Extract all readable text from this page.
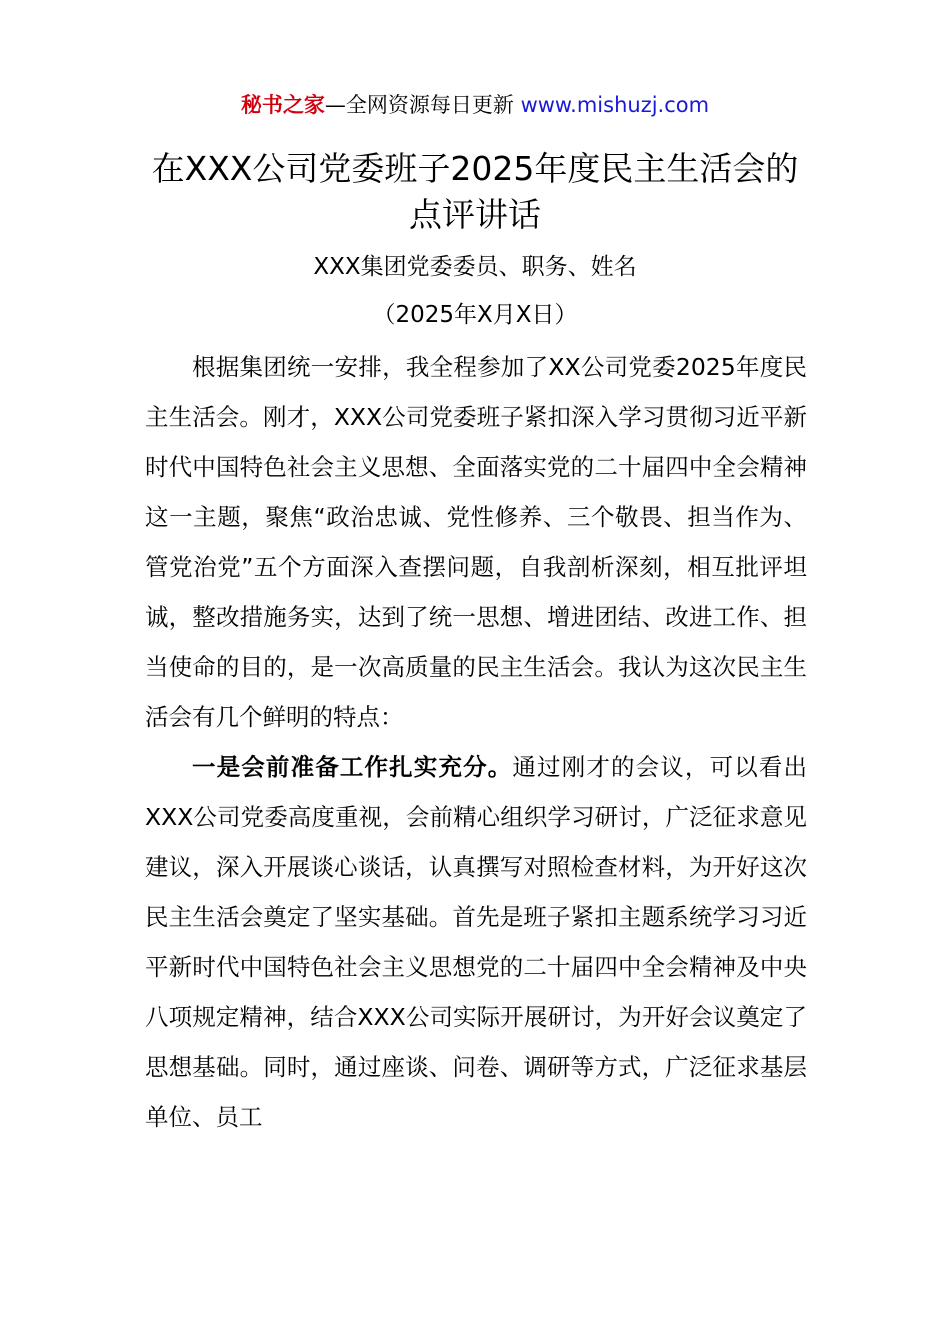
秘书之家—全网资源每日更新 www.mishuzj.com
在XXX公司党委班子2025年度民主生活会的点评讲话
XXX集团党委委员、职务、姓名
（2025年X月X日）

根据集团统一安排，我全程参加了XX公司党委2025年度民主生活会。刚才，XXX公司党委班子紧扣深入学习贯彻习近平新时代中国特色社会主义思想、全面落实党的二十届四中全会精神这一主题，聚焦“政治忠诚、党性修养、三个敬畏、担当作为、管党治党”五个方面深入查摆问题，自我剖析深刻，相互批评坦诚，整改措施务实，达到了统一思想、增进团结、改进工作、担当使命的目的，是一次高质量的民主生活会。我认为这次民主生活会有几个鲜明的特点：

一是会前准备工作扎实充分。通过刚才的会议，可以看出XXX公司党委高度重视，会前精心组织学习研讨，广泛征求意见建议，深入开展谈心谈话，认真撰写对照检查材料，为开好这次民主生活会奠定了坚实基础。首先是班子紧扣主题系统学习习近平新时代中国特色社会主义思想党的二十届四中全会精神及中央八项规定精神，结合XXX公司实际开展研讨，为开好会议奠定了思想基础。同时，通过座谈、问卷、调研等方式，广泛征求基层单位、员工
